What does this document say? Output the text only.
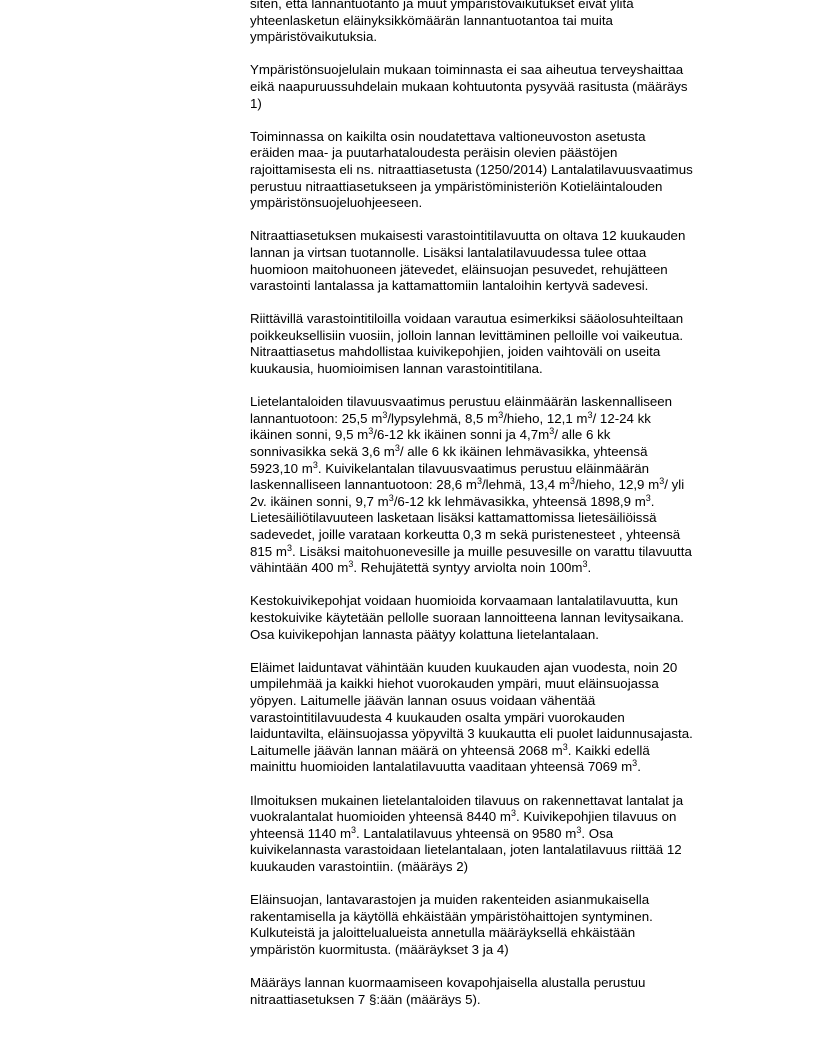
siten, että lannantuotanto ja muut ympäristövaikutukset eivät ylitä
yhteenlasketun eläinyksikkömäärän lannantuotantoa tai muita
ympäristövaikutuksia.

Ympäristönsuojelulain mukaan toiminnasta ei saa aiheutua terveyshaittaa
eikä naapuruussuhdelain mukaan kohtuutonta pysyvää rasitusta (määräys
1)

Toiminnassa on kaikilta osin noudatettava valtioneuvoston asetusta
eräiden maa- ja puutarhataloudesta peräisin olevien päästöjen
rajoittamisesta eli ns. nitraattiasetusta (1250/2014) Lantalatilavuusvaatimus
perustuu nitraattiasetukseen ja ympäristöministeriön Kotieläintalouden
ympäristönsuojeluohjeeseen.

Nitraattiasetuksen mukaisesti varastointitilavuutta on oltava 12 kuukauden
lannan ja virtsan tuotannolle. Lisäksi lantalatilavuudessa tulee ottaa
huomioon maitohuoneen jätevedet, eläinsuojan pesuvedet, rehujätteen
varastointi lantalassa ja kattamattomiin lantaloihin kertyvä sadevesi.

Riittävillä varastointitiloilla voidaan varautua esimerkiksi sääolosuhteiltaan
poikkeuksellisiin vuosiin, jolloin lannan levittäminen pelloille voi vaikeutua.
Nitraattiasetus mahdollistaa kuivikepohjien, joiden vaihtoväli on useita
kuukausia, huomioimisen lannan varastointitilana.

Lietelantaloiden tilavuusvaatimus perustuu eläinmäärän laskennalliseen
lannantuotoon: 25,5 $m^3$/lypsylehmä, 8,5 $m^3$/hieho, 12,1 $m^3/$ 12-24 kk
ikäinen sonni, 9,5 $m^3/6-12$ kk ikäinen sonni ja $4,7m^3/$ alle 6 kk
sonnivasikka sekä 3,6 $m^3/$ alle 6 kk ikäinen lehmävasikka, yhteensä
5923,10 $m^3$. Kuivikelantalan tilavuusvaatimus perustuu eläinmäärän
laskennalliseen lannantuotoon: 28,6 $m^3$/lehmä, 13,4 $m^3$/hieho, 12,9 $m^3/$ yli
2v. ikäinen sonni, 9,7 $m^3/6-12$ kk lehmävasikka, yhteensä 1898,9 $m^3$.
Lietesäiliötilavuuteen lasketaan lisäksi kattamattomissa lietesäiliöissä
sadevedet, joille varataan korkeutta 0,3 m sekä puristenesteet , yhteensä
815 $m^3$. Lisäksi maitohuonevesille ja muille pesuvesille on varattu tilavuutta
vähintään 400 $m^3$. Rehujätettä syntyy arviolta noin $100m^3$.

Kestokuivikepohjat voidaan huomioida korvaamaan lantalatilavuutta, kun
kestokuivike käytetään pellolle suoraan lannoitteena lannan levitysaikana.
Osa kuivikepohjan lannasta päätyy kolattuna lietelantalaan.

Eläimet laiduntavat vähintään kuuden kuukauden ajan vuodesta, noin 20
umpilehmää ja kaikki hiehot vuorokauden ympäri, muut eläinsuojassa
yöpyen. Laitumelle jäävän lannan osuus voidaan vähentää
varastointitilavuudesta 4 kuukauden osalta ympäri vuorokauden
laiduntavilta, eläinsuojassa yöpyviltä 3 kuukautta eli puolet laidunnusajasta.
Laitumelle jäävän lannan määrä on yhteensä 2068 $m^3$. Kaikki edellä
mainittu huomioiden lantalatilavuutta vaaditaan yhteensä 7069 $m^3$.

Ilmoituksen mukainen lietelantaloiden tilavuus on rakennettavat lantalat ja
vuokralantalat huomioiden yhteensä 8440 $m^3$. Kuivikepohjien tilavuus on
yhteensä 1140 $m^3$. Lantalatilavuus yhteensä on 9580 $m^3$. Osa
kuivikelannasta varastoidaan lietelantalaan, joten lantalatilavuus riittää 12
kuukauden varastointiin. (määräys 2)

Eläinsuojan, lantavarastojen ja muiden rakenteiden asianmukaisella
rakentamisella ja käytöllä ehkäistään ympäristöhaittojen syntyminen.
Kulkuteistä ja jaloittelualueista annetulla määräyksellä ehkäistään
ympäristön kuormitusta. (määräykset 3 ja 4)

Määräys lannan kuormaamiseen kovapohjaisella alustalla perustuu
nitraattiasetuksen 7 §:ään (määräys 5).
